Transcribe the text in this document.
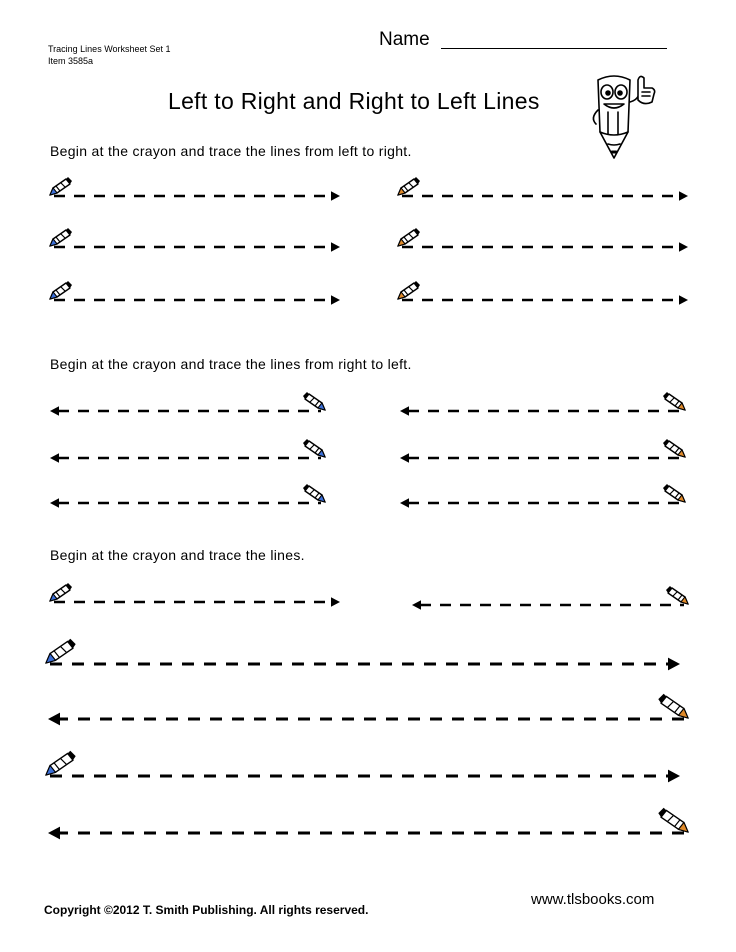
Tracing Lines Worksheet Set 1
Item 3585a
Name
Left to Right and Right to Left Lines
Begin at the crayon and trace the lines from left to right.
Begin at the crayon and trace the lines from right to left.
Begin at the crayon and trace the lines.
Copyright ©2012 T. Smith Publishing. All rights reserved.
www.tlsbooks.com
